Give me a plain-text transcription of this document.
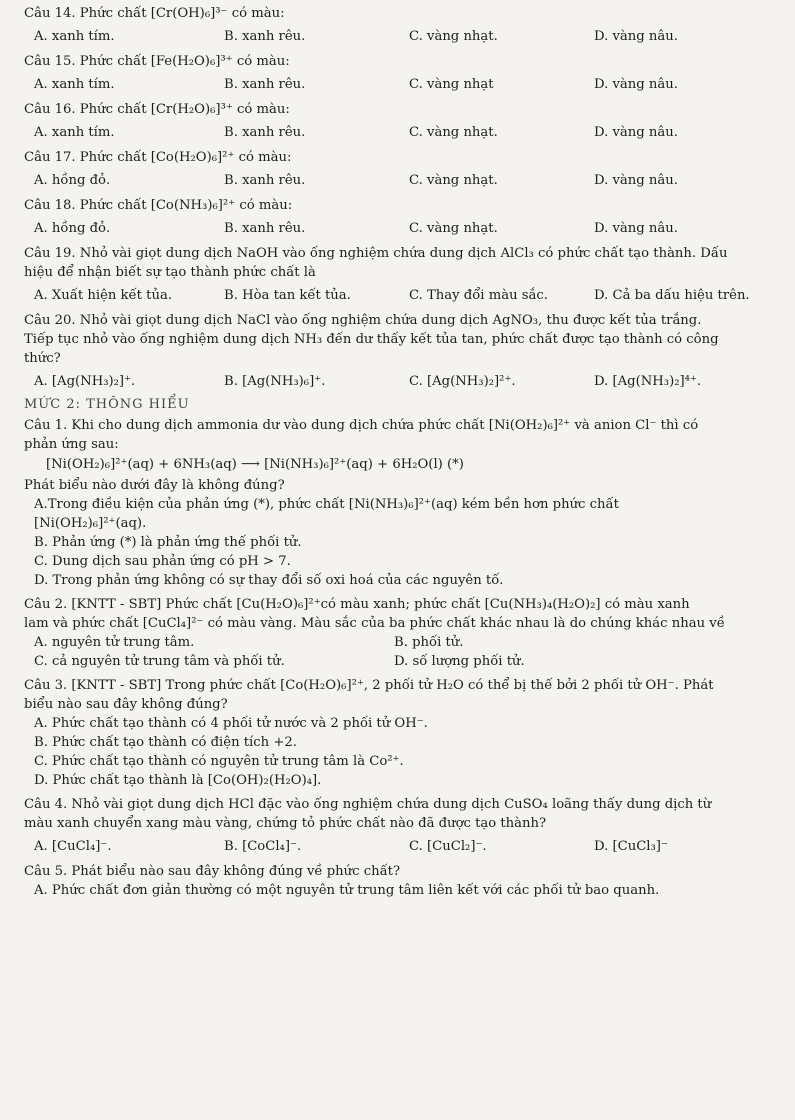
Câu 14. Phức chất [Cr(OH)₆]³⁻ có màu:

A. xanh tím.	B. xanh rêu.	C. vàng nhạt.	D. vàng nâu.

Câu 15. Phức chất [Fe(H₂O)₆]³⁺ có màu:

A. xanh tím.	B. xanh rêu.	C. vàng nhạt	D. vàng nâu.

Câu 16. Phức chất [Cr(H₂O)₆]³⁺ có màu:

A. xanh tím.	B. xanh rêu.	C. vàng nhạt.	D. vàng nâu.

Câu 17. Phức chất [Co(H₂O)₆]²⁺ có màu:

A. hồng đỏ.	B. xanh rêu.	C. vàng nhạt.	D. vàng nâu.

Câu 18. Phức chất [Co(NH₃)₆]²⁺ có màu:

A. hồng đỏ.	B. xanh rêu.	C. vàng nhạt.	D. vàng nâu.

Câu 19. Nhỏ vài giọt dung dịch NaOH vào ống nghiệm chứa dung dịch AlCl₃ có phức chất tạo thành. Dấu

hiệu để nhận biết sự tạo thành phức chất là

A. Xuất hiện kết tủa.	B. Hòa tan kết tủa.	C. Thay đổi màu sắc.	D. Cả ba dấu hiệu trên.

Câu 20. Nhỏ vài giọt dung dịch NaCl vào ống nghiệm chứa dung dịch AgNO₃, thu được kết tủa trắng.

Tiếp tục nhỏ vào ống nghiệm dung dịch NH₃ đến dư thấy kết tủa tan, phức chất được tạo thành có công

thức?

A. [Ag(NH₃)₂]⁺.	B. [Ag(NH₃)₆]⁺.	C. [Ag(NH₃)₂]²⁺.	D. [Ag(NH₃)₂]⁴⁺.

MỨC 2: THÔNG HIỂU

Câu 1. Khi cho dung dịch ammonia dư vào dung dịch chứa phức chất [Ni(OH₂)₆]²⁺ và anion Cl⁻ thì có

phản ứng sau:

[Ni(OH₂)₆]²⁺(aq) + 6NH₃(aq) ⟶ [Ni(NH₃)₆]²⁺(aq) + 6H₂O(l) (*)

Phát biểu nào dưới đây là không đúng?

A.Trong điều kiện của phản ứng (*), phức chất [Ni(NH₃)₆]²⁺(aq) kém bền hơn phức chất

[Ni(OH₂)₆]²⁺(aq).

B. Phản ứng (*) là phản ứng thế phối tử.

C. Dung dịch sau phản ứng có pH > 7.

D. Trong phản ứng không có sự thay đổi số oxi hoá của các nguyên tố.

Câu 2. [KNTT - SBT] Phức chất [Cu(H₂O)₆]²⁺có màu xanh; phức chất [Cu(NH₃)₄(H₂O)₂] có màu xanh

lam và phức chất [CuCl₄]²⁻ có màu vàng. Màu sắc của ba phức chất khác nhau là do chúng khác nhau về

A. nguyên tử trung tâm.	B. phối tử.
C. cả nguyên tử trung tâm và phối tử.	D. số lượng phối tử.

Câu 3. [KNTT - SBT] Trong phức chất [Co(H₂O)₆]²⁺, 2 phối tử H₂O có thể bị thế bởi 2 phối tử OH⁻. Phát

biểu nào sau đây không đúng?

A. Phức chất tạo thành có 4 phối tử nước và 2 phối tử OH⁻.

B. Phức chất tạo thành có điện tích +2.

C. Phức chất tạo thành có nguyên tử trung tâm là Co²⁺.

D. Phức chất tạo thành là [Co(OH)₂(H₂O)₄].

Câu 4. Nhỏ vài giọt dung dịch HCl đặc vào ống nghiệm chứa dung dịch CuSO₄ loãng thấy dung dịch từ

màu xanh chuyển xang màu vàng, chứng tỏ phức chất nào đã được tạo thành?

A. [CuCl₄]⁻.	B. [CoCl₄]⁻.	C. [CuCl₂]⁻.	D. [CuCl₃]⁻

Câu 5. Phát biểu nào sau đây không đúng về phức chất?

A. Phức chất đơn giản thường có một nguyên tử trung tâm liên kết với các phối tử bao quanh.
